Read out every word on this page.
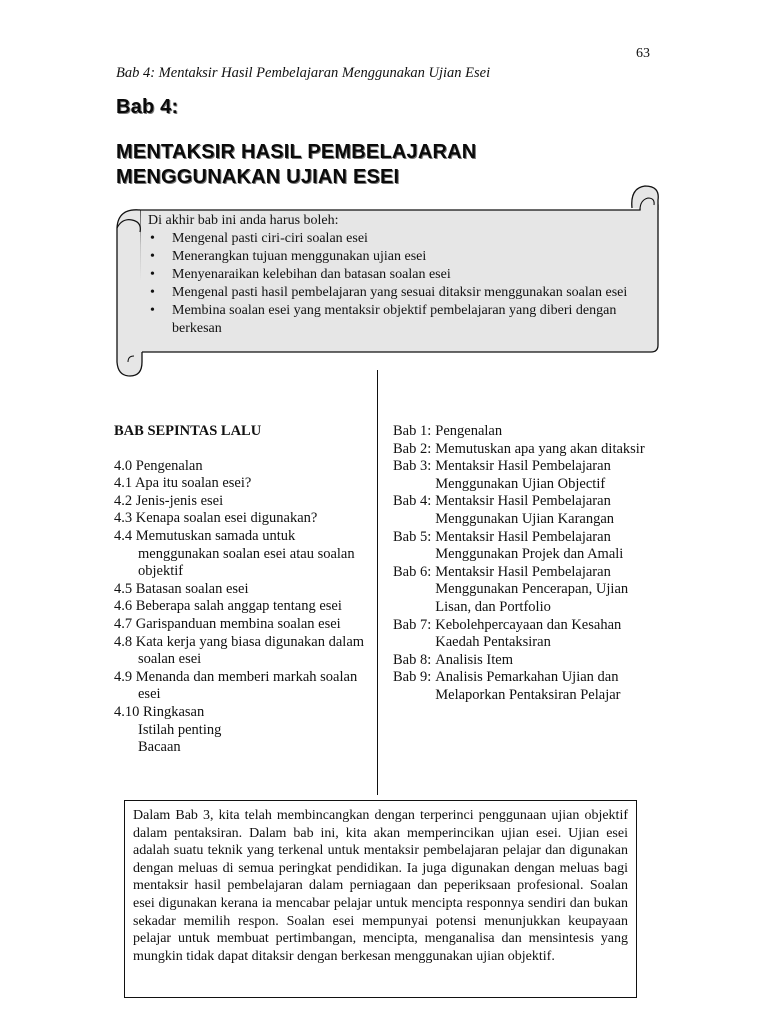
63
Bab 4: Mentaksir Hasil Pembelajaran Menggunakan Ujian Esei
Bab 4:
MENTAKSIR HASIL PEMBELAJARAN
MENGGUNAKAN UJIAN ESEI
Di akhir bab ini anda harus boleh:
• Mengenal pasti ciri-ciri soalan esei
• Menerangkan tujuan menggunakan ujian esei
• Menyenaraikan kelebihan dan batasan soalan esei
• Mengenal pasti hasil pembelajaran yang sesuai ditaksir menggunakan soalan esei
• Membina soalan esei yang mentaksir objektif pembelajaran yang diberi dengan berkesan
BAB SEPINTAS LALU
4.0 Pengenalan
4.1 Apa itu soalan esei?
4.2 Jenis-jenis esei
4.3 Kenapa soalan esei digunakan?
4.4 Memutuskan samada untuk menggunakan soalan esei atau soalan objektif
4.5 Batasan soalan esei
4.6 Beberapa salah anggap tentang esei
4.7 Garispanduan membina soalan esei
4.8 Kata kerja yang biasa digunakan dalam soalan esei
4.9 Menanda dan memberi markah soalan esei
4.10 Ringkasan
Istilah penting
Bacaan
Bab 1: Pengenalan
Bab 2: Memutuskan apa yang akan ditaksir
Bab 3: Mentaksir Hasil Pembelajaran Menggunakan Ujian Objectif
Bab 4: Mentaksir Hasil Pembelajaran Menggunakan Ujian Karangan
Bab 5: Mentaksir Hasil Pembelajaran Menggunakan Projek dan Amali
Bab 6: Mentaksir Hasil Pembelajaran Menggunakan Pencerapan, Ujian Lisan, dan Portfolio
Bab 7: Kebolehpercayaan dan Kesahan Kaedah Pentaksiran
Bab 8: Analisis Item
Bab 9: Analisis Pemarkahan Ujian dan Melaporkan Pentaksiran Pelajar
Dalam Bab 3, kita telah membincangkan dengan terperinci penggunaan ujian objektif dalam pentaksiran. Dalam bab ini, kita akan memperincikan ujian esei. Ujian esei adalah suatu teknik yang terkenal untuk mentaksir pembelajaran pelajar dan digunakan dengan meluas di semua peringkat pendidikan. Ia juga digunakan dengan meluas bagi mentaksir hasil pembelajaran dalam perniagaan dan peperiksaan profesional. Soalan esei digunakan kerana ia mencabar pelajar untuk mencipta responnya sendiri dan bukan sekadar memilih respon. Soalan esei mempunyai potensi menunjukkan keupayaan pelajar untuk membuat pertimbangan, mencipta, menganalisa dan mensintesis yang mungkin tidak dapat ditaksir dengan berkesan menggunakan ujian objektif.
